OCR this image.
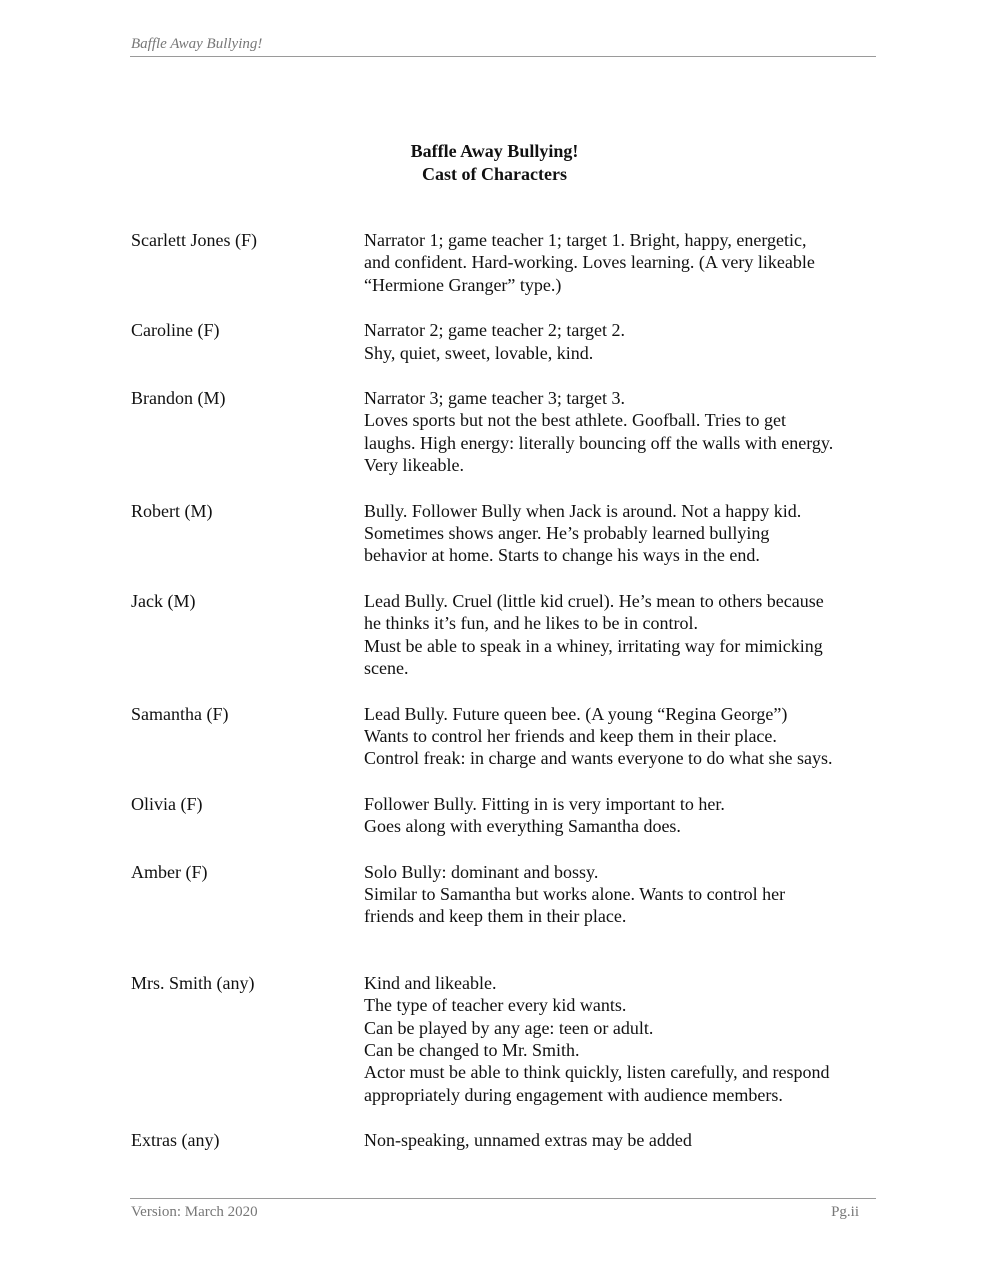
Baffle Away Bullying!
Baffle Away Bullying!
Cast of Characters
Scarlett Jones (F)	Narrator 1; game teacher 1; target 1. Bright, happy, energetic,
and confident. Hard-working. Loves learning. (A very likeable
“Hermione Granger” type.)
Caroline (F)	Narrator 2; game teacher 2; target 2.
Shy, quiet, sweet, lovable, kind.
Brandon (M)	Narrator 3; game teacher 3; target 3.
Loves sports but not the best athlete. Goofball. Tries to get
laughs. High energy: literally bouncing off the walls with energy.
Very likeable.
Robert (M)	Bully. Follower Bully when Jack is around. Not a happy kid.
Sometimes shows anger. He’s probably learned bullying
behavior at home. Starts to change his ways in the end.
Jack (M)	Lead Bully. Cruel (little kid cruel). He’s mean to others because
he thinks it’s fun, and he likes to be in control.
Must be able to speak in a whiney, irritating way for mimicking
scene.
Samantha (F)	Lead Bully. Future queen bee. (A young “Regina George”)
Wants to control her friends and keep them in their place.
Control freak: in charge and wants everyone to do what she says.
Olivia (F)	Follower Bully. Fitting in is very important to her.
Goes along with everything Samantha does.
Amber (F)	Solo Bully: dominant and bossy.
Similar to Samantha but works alone. Wants to control her
friends and keep them in their place.
Mrs. Smith (any)	Kind and likeable.
The type of teacher every kid wants.
Can be played by any age: teen or adult.
Can be changed to Mr. Smith.
Actor must be able to think quickly, listen carefully, and respond
appropriately during engagement with audience members.
Extras (any)	Non-speaking, unnamed extras may be added
Version: March 2020	Pg.ii
